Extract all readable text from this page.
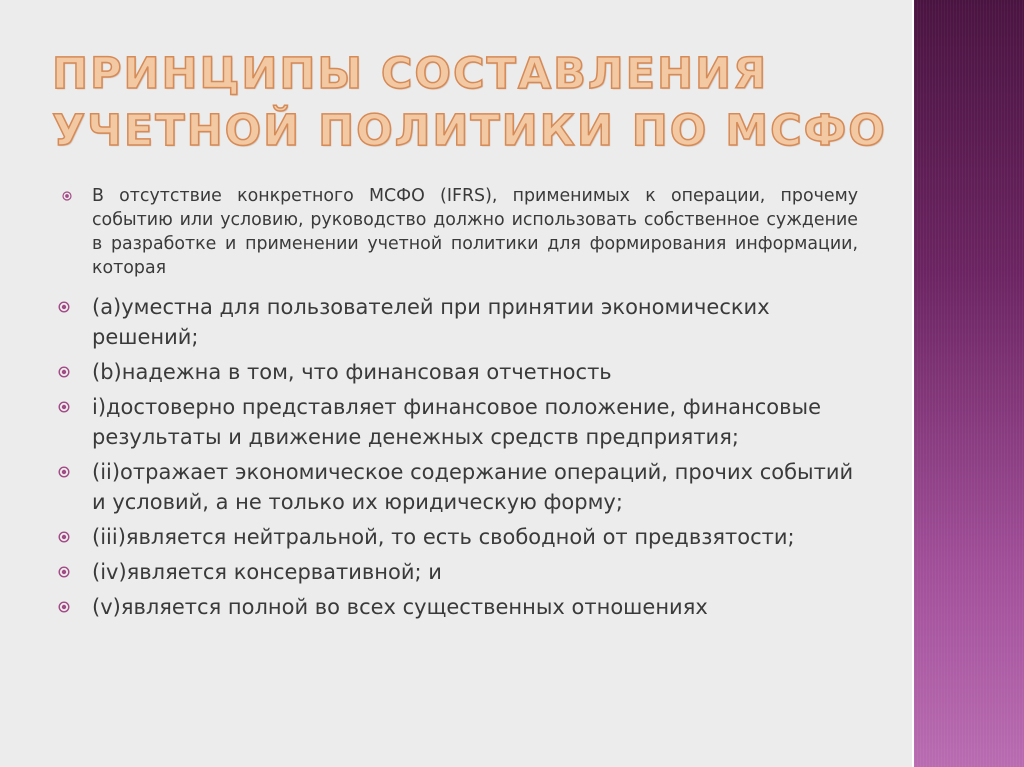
ПРИНЦИПЫ СОСТАВЛЕНИЯ
УЧЕТНОЙ ПОЛИТИКИ ПО МСФО
В отсутствие конкретного МСФО (IFRS), применимых к операции, прочему событию или условию, руководство должно использовать собственное суждение в разработке и применении учетной политики для формирования информации, которая
(a)уместна для пользователей при принятии экономических решений;
(b)надежна в том, что финансовая отчетность
i)достоверно представляет финансовое положение, финансовые результаты и движение денежных средств предприятия;
(ii)отражает экономическое содержание операций, прочих событий и условий, а не только их юридическую форму;
(iii)является нейтральной, то есть свободной от предвзятости;
(iv)является консервативной; и
(v)является полной во всех существенных отношениях
